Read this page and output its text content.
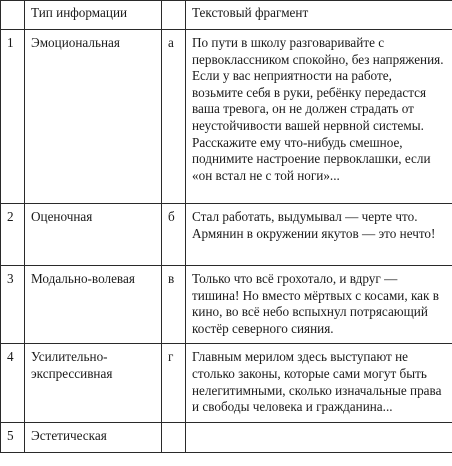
	Тип информации		Текстовый фрагмент
1	Эмоциональная	а	По пути в школу разговаривайте с первоклассником спокойно, без напряжения. Если у вас неприятности на работе, возьмите себя в руки, ребёнку передастся ваша тревога, он не должен страдать от неустойчивости вашей нервной системы. Расскажите ему что-нибудь смешное, поднимите настроение первоклашки, если «он встал не с той ноги»...
2	Оценочная	б	Стал работать, выдумывал — черте что. Армянин в окружении якутов — это нечто!
3	Модально-волевая	в	Только что всё грохотало, и вдруг — тишина! Но вместо мёртвых с косами, как в кино, во всё небо вспыхнул потрясающий костёр северного сияния.
4	Усилительно-экспрессивная	г	Главным мерилом здесь выступают не столько законы, которые сами могут быть нелегитимными, сколько изначальные права и свободы человека и гражданина...
5	Эстетическая		
